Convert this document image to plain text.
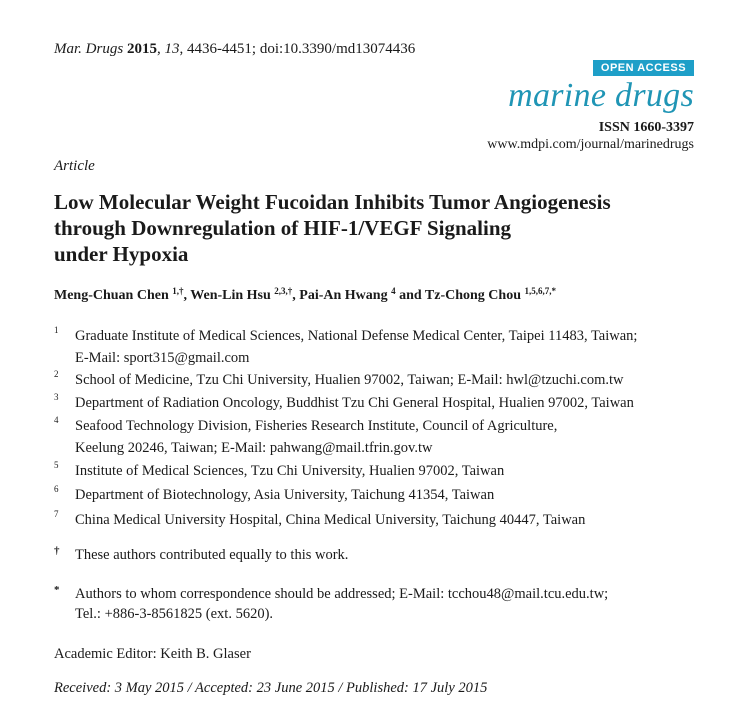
Mar. Drugs 2015, 13, 4436-4451; doi:10.3390/md13074436
OPEN ACCESS
marine drugs
ISSN 1660-3397
www.mdpi.com/journal/marinedrugs
Article
Low Molecular Weight Fucoidan Inhibits Tumor Angiogenesis
through Downregulation of HIF-1/VEGF Signaling
under Hypoxia
Meng-Chuan Chen $^{1,\dagger}$, Wen-Lin Hsu $^{2,3,\dagger}$, Pai-An Hwang $^4$ and Tz-Chong Chou $^{1,5,6,7,*}$
1 Graduate Institute of Medical Sciences, National Defense Medical Center, Taipei 11483, Taiwan;
E-Mail: sport315@gmail.com
2 School of Medicine, Tzu Chi University, Hualien 97002, Taiwan; E-Mail: hwl@tzuchi.com.tw
3 Department of Radiation Oncology, Buddhist Tzu Chi General Hospital, Hualien 97002, Taiwan
4 Seafood Technology Division, Fisheries Research Institute, Council of Agriculture,
Keelung 20246, Taiwan; E-Mail: pahwang@mail.tfrin.gov.tw
5 Institute of Medical Sciences, Tzu Chi University, Hualien 97002, Taiwan
6 Department of Biotechnology, Asia University, Taichung 41354, Taiwan
7 China Medical University Hospital, China Medical University, Taichung 40447, Taiwan
† These authors contributed equally to this work.
* Authors to whom correspondence should be addressed; E-Mail: tcchou48@mail.tcu.edu.tw;
Tel.: +886-3-8561825 (ext. 5620).
Academic Editor: Keith B. Glaser
Received: 3 May 2015 / Accepted: 23 June 2015 / Published: 17 July 2015
